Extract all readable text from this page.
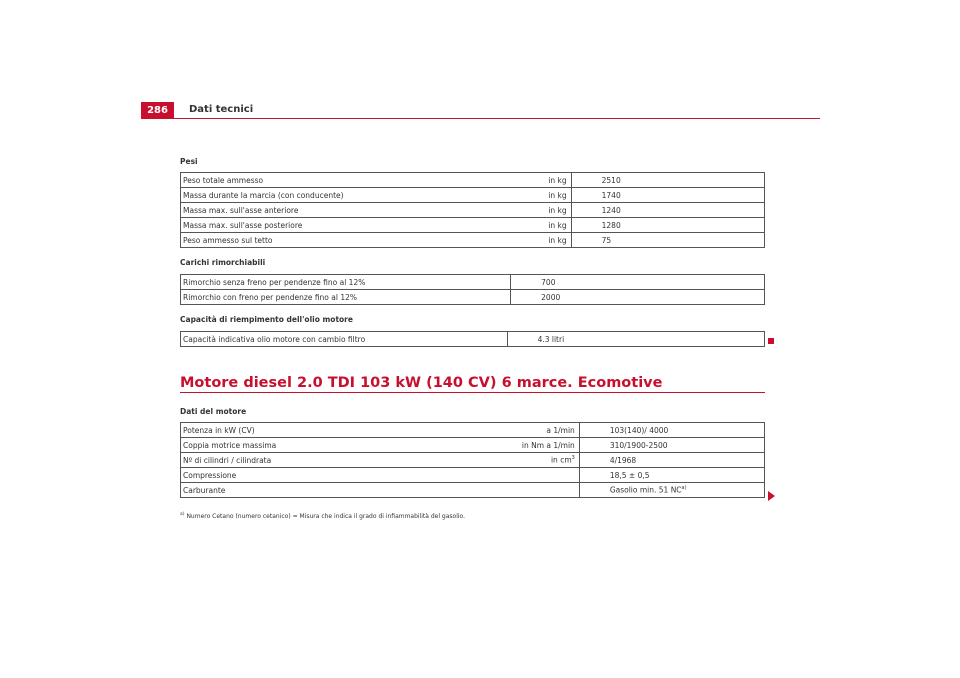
286	Dati tecnici
Pesi
Peso totale ammesso	in kg	2510
Massa durante la marcia (con conducente)	in kg	1740
Massa max. sull'asse anteriore	in kg	1240
Massa max. sull'asse posteriore	in kg	1280
Peso ammesso sul tetto	in kg	75
Carichi rimorchiabili
Rimorchio senza freno per pendenze fino al 12%		700
Rimorchio con freno per pendenze fino al 12%		2000
Capacità di riempimento dell'olio motore
Capacità indicativa olio motore con cambio filtro		4.3 litri
Motore diesel 2.0 TDI 103 kW (140 CV) 6 marce. Ecomotive
Dati del motore
Potenza in kW (CV)	a 1/min	103(140)/ 4000
Coppia motrice massima	in Nm a 1/min	310/1900-2500
Nº di cilindri / cilindrata	in $cm^3$	4/1968
Compressione		18,5 ± 0,5
Carburante		Gasolio min. 51 NC$^{a)}$
$^{a)}$ Numero Cetano (numero cetanico) = Misura che indica il grado di infiammabilità del gasolio.
